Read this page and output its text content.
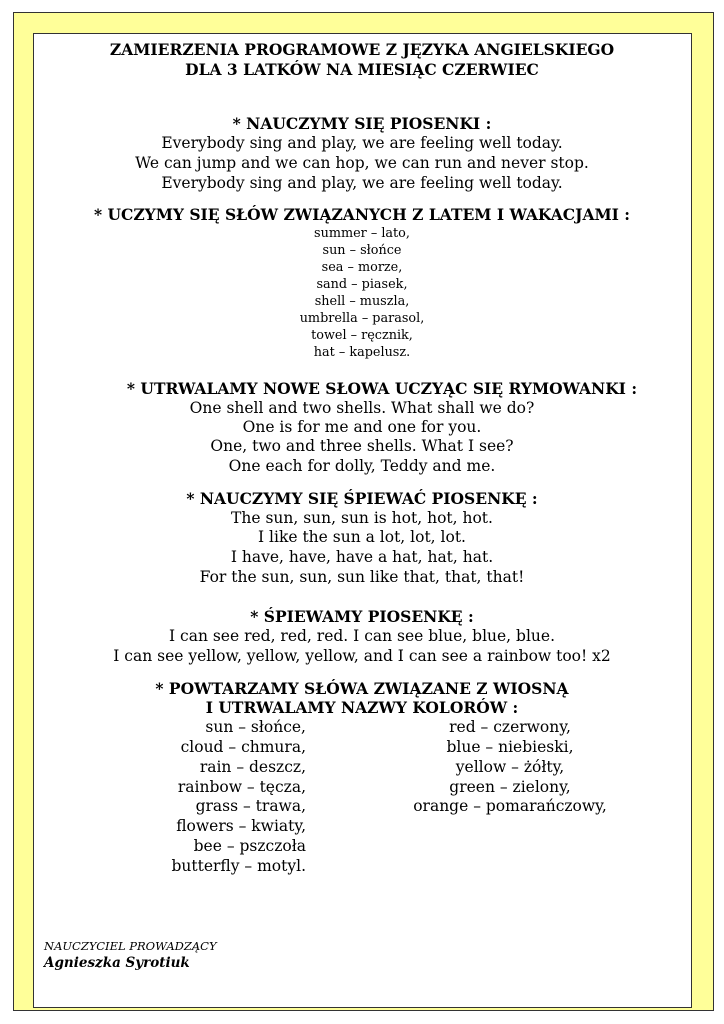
ZAMIERZENIA PROGRAMOWE Z JĘZYKA ANGIELSKIEGO
DLA 3 LATKÓW NA MIESIĄC CZERWIEC
* NAUCZYMY SIĘ PIOSENKI :
Everybody sing and play, we are feeling well today.
We can jump and we can hop, we can run and never stop.
Everybody sing and play, we are feeling well today.
* UCZYMY SIĘ SŁÓW ZWIĄZANYCH Z LATEM I WAKACJAMI :
summer – lato,
sun – słońce
sea – morze,
sand – piasek,
shell – muszla,
umbrella – parasol,
towel – ręcznik,
hat – kapelusz.
* UTRWALAMY NOWE SŁOWA UCZYĄC SIĘ RYMOWANKI :
One shell and two shells. What shall we do?
One is for me and one for you.
One, two and three shells. What I see?
One each for dolly, Teddy and me.
* NAUCZYMY SIĘ ŚPIEWAĆ PIOSENKĘ :
The sun, sun, sun is hot, hot, hot.
I like the sun a lot, lot, lot.
I have, have, have a hat, hat, hat.
For the sun, sun, sun like that, that, that!
* ŚPIEWAMY PIOSENKĘ :
I can see red, red, red. I can see blue, blue, blue.
I can see yellow, yellow, yellow, and I can see a rainbow too! x2
* POWTARZAMY SŁÓWA ZWIĄZANE Z WIOSNĄ
I UTRWALAMY NAZWY KOLORÓW :
sun – słońce,
cloud – chmura,
rain – deszcz,
rainbow – tęcza,
grass – trawa,
flowers – kwiaty,
bee – pszczoła
butterfly – motyl.
red – czerwony,
blue – niebieski,
yellow – żółty,
green – zielony,
orange – pomarańczowy,
NAUCZYCIEL PROWADZĄCY
Agnieszka Syrotiuk
